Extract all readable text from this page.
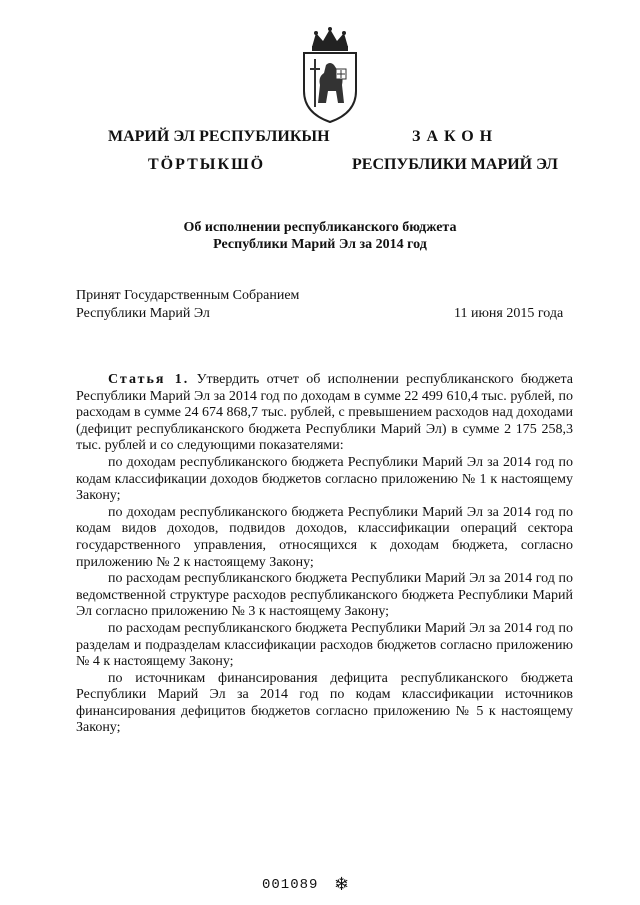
МАРИЙ ЭЛ РЕСПУБЛИКЫН
ТӦРТЫКШӦ
ЗАКОН
РЕСПУБЛИКИ МАРИЙ ЭЛ
Об исполнении республиканского бюджета
Республики Марий Эл за 2014 год
Принят Государственным Собранием
Республики Марий Эл	11 июня 2015 года

Статья 1. Утвердить отчет об исполнении республиканского бюджета Республики Марий Эл за 2014 год по доходам в сумме 22 499 610,4 тыс. рублей, по расходам в сумме 24 674 868,7 тыс. рублей, с превышением расходов над доходами (дефицит республиканского бюджета Республики Марий Эл) в сумме 2 175 258,3 тыс. рублей и со следующими показателями:

по доходам республиканского бюджета Республики Марий Эл за 2014 год по кодам классификации доходов бюджетов согласно приложению № 1 к настоящему Закону;

по доходам республиканского бюджета Республики Марий Эл за 2014 год по кодам видов доходов, подвидов доходов, классификации операций сектора государственного управления, относящихся к доходам бюджета, согласно приложению № 2 к настоящему Закону;

по расходам республиканского бюджета Республики Марий Эл за 2014 год по ведомственной структуре расходов республиканского бюджета Республики Марий Эл согласно приложению № 3 к настоящему Закону;

по расходам республиканского бюджета Республики Марий Эл за 2014 год по разделам и подразделам классификации расходов бюджетов согласно приложению № 4 к настоящему Закону;

по источникам финансирования дефицита республиканского бюджета Республики Марий Эл за 2014 год по кодам классификации источников финансирования дефицитов бюджетов согласно приложению № 5 к настоящему Закону;

001089 ❄
